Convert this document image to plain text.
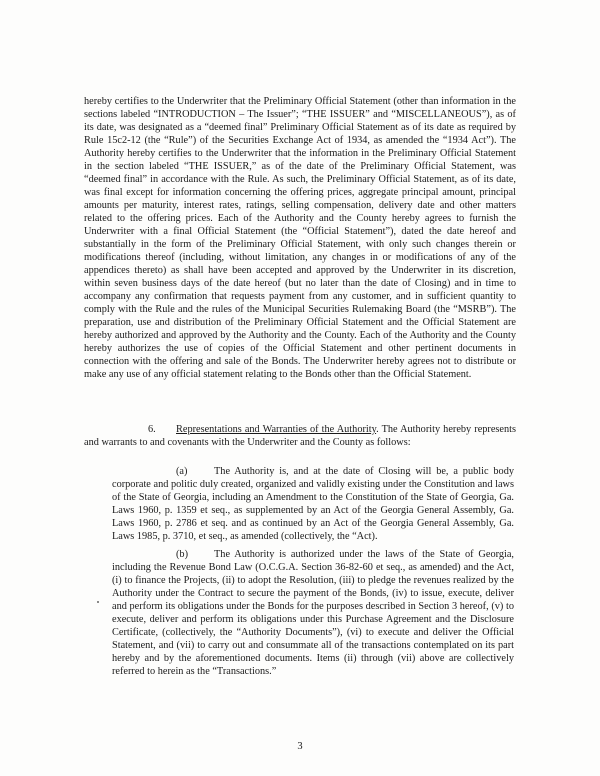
hereby certifies to the Underwriter that the Preliminary Official Statement (other than information in the sections labeled “INTRODUCTION – The Issuer”; “THE ISSUER” and “MISCELLANEOUS”), as of its date, was designated as a “deemed final” Preliminary Official Statement as of its date as required by Rule 15c2-12 (the “Rule”) of the Securities Exchange Act of 1934, as amended the “1934 Act”). The Authority hereby certifies to the Underwriter that the information in the Preliminary Official Statement in the section labeled “THE ISSUER,” as of the date of the Preliminary Official Statement, was “deemed final” in accordance with the Rule. As such, the Preliminary Official Statement, as of its date, was final except for information concerning the offering prices, aggregate principal amount, principal amounts per maturity, interest rates, ratings, selling compensation, delivery date and other matters related to the offering prices. Each of the Authority and the County hereby agrees to furnish the Underwriter with a final Official Statement (the “Official Statement”), dated the date hereof and substantially in the form of the Preliminary Official Statement, with only such changes therein or modifications thereof (including, without limitation, any changes in or modifications of any of the appendices thereto) as shall have been accepted and approved by the Underwriter in its discretion, within seven business days of the date hereof (but no later than the date of Closing) and in time to accompany any confirmation that requests payment from any customer, and in sufficient quantity to comply with the Rule and the rules of the Municipal Securities Rulemaking Board (the “MSRB”). The preparation, use and distribution of the Preliminary Official Statement and the Official Statement are hereby authorized and approved by the Authority and the County. Each of the Authority and the County hereby authorizes the use of copies of the Official Statement and other pertinent documents in connection with the offering and sale of the Bonds. The Underwriter hereby agrees not to distribute or make any use of any official statement relating to the Bonds other than the Official Statement.
6. Representations and Warranties of the Authority. The Authority hereby represents and warrants to and covenants with the Underwriter and the County as follows:
(a)	The Authority is, and at the date of Closing will be, a public body corporate and politic duly created, organized and validly existing under the Constitution and laws of the State of Georgia, including an Amendment to the Constitution of the State of Georgia, Ga. Laws 1960, p. 1359 et seq., as supplemented by an Act of the Georgia General Assembly, Ga. Laws 1960, p. 2786 et seq. and as continued by an Act of the Georgia General Assembly, Ga. Laws 1985, p. 3710, et seq., as amended (collectively, the “Act).
(b)	The Authority is authorized under the laws of the State of Georgia, including the Revenue Bond Law (O.C.G.A. Section 36-82-60 et seq., as amended) and the Act, (i) to finance the Projects, (ii) to adopt the Resolution, (iii) to pledge the revenues realized by the Authority under the Contract to secure the payment of the Bonds, (iv) to issue, execute, deliver and perform its obligations under the Bonds for the purposes described in Section 3 hereof, (v) to execute, deliver and perform its obligations under this Purchase Agreement and the Disclosure Certificate, (collectively, the “Authority Documents”), (vi) to execute and deliver the Official Statement, and (vii) to carry out and consummate all of the transactions contemplated on its part hereby and by the aforementioned documents. Items (ii) through (vii) above are collectively referred to herein as the “Transactions.”
3
